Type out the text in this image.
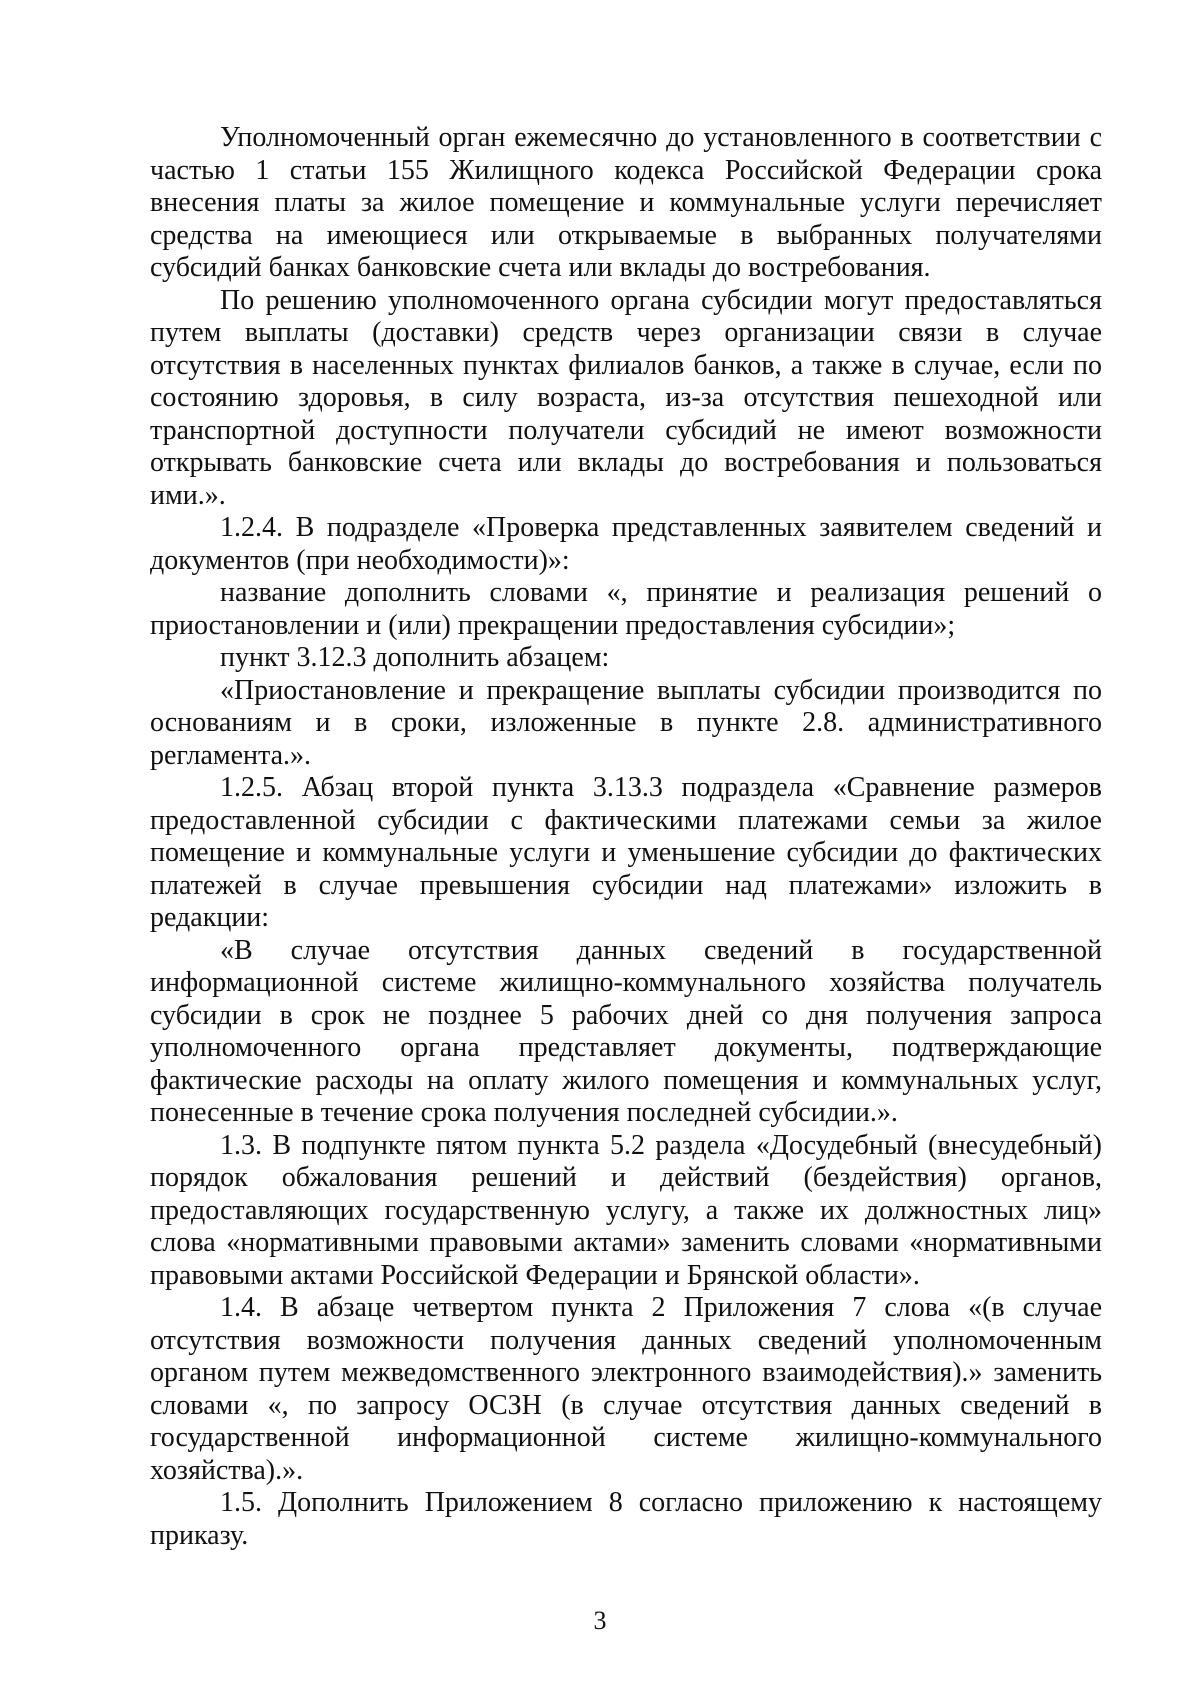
Уполномоченный орган ежемесячно до установленного в соответствии с частью 1 статьи 155 Жилищного кодекса Российской Федерации срока внесения платы за жилое помещение и коммунальные услуги перечисляет средства на имеющиеся или открываемые в выбранных получателями субсидий банках банковские счета или вклады до востребования.

По решению уполномоченного органа субсидии могут предоставляться путем выплаты (доставки) средств через организации связи в случае отсутствия в населенных пунктах филиалов банков, а также в случае, если по состоянию здоровья, в силу возраста, из-за отсутствия пешеходной или транспортной доступности получатели субсидий не имеют возможности открывать банковские счета или вклады до востребования и пользоваться ими.».

1.2.4. В подразделе «Проверка представленных заявителем сведений и документов (при необходимости)»:

название дополнить словами «, принятие и реализация решений о приостановлении и (или) прекращении предоставления субсидии»;

пункт 3.12.3 дополнить абзацем:

«Приостановление и прекращение выплаты субсидии производится по основаниям и в сроки, изложенные в пункте 2.8. административного регламента.».

1.2.5. Абзац второй пункта 3.13.3 подраздела «Сравнение размеров предоставленной субсидии с фактическими платежами семьи за жилое помещение и коммунальные услуги и уменьшение субсидии до фактических платежей в случае превышения субсидии над платежами» изложить в редакции:

«В случае отсутствия данных сведений в государственной информационной системе жилищно-коммунального хозяйства получатель субсидии в срок не позднее 5 рабочих дней со дня получения запроса уполномоченного органа представляет документы, подтверждающие фактические расходы на оплату жилого помещения и коммунальных услуг, понесенные в течение срока получения последней субсидии.».

1.3. В подпункте пятом пункта 5.2 раздела «Досудебный (внесудебный) порядок обжалования решений и действий (бездействия) органов, предоставляющих государственную услугу, а также их должностных лиц» слова «нормативными правовыми актами» заменить словами «нормативными правовыми актами Российской Федерации и Брянской области».

1.4. В абзаце четвертом пункта 2 Приложения 7 слова «(в случае отсутствия возможности получения данных сведений уполномоченным органом путем межведомственного электронного взаимодействия).» заменить словами «, по запросу ОСЗН (в случае отсутствия данных сведений в государственной информационной системе жилищно-коммунального хозяйства).».

1.5. Дополнить Приложением 8 согласно приложению к настоящему приказу.

3
